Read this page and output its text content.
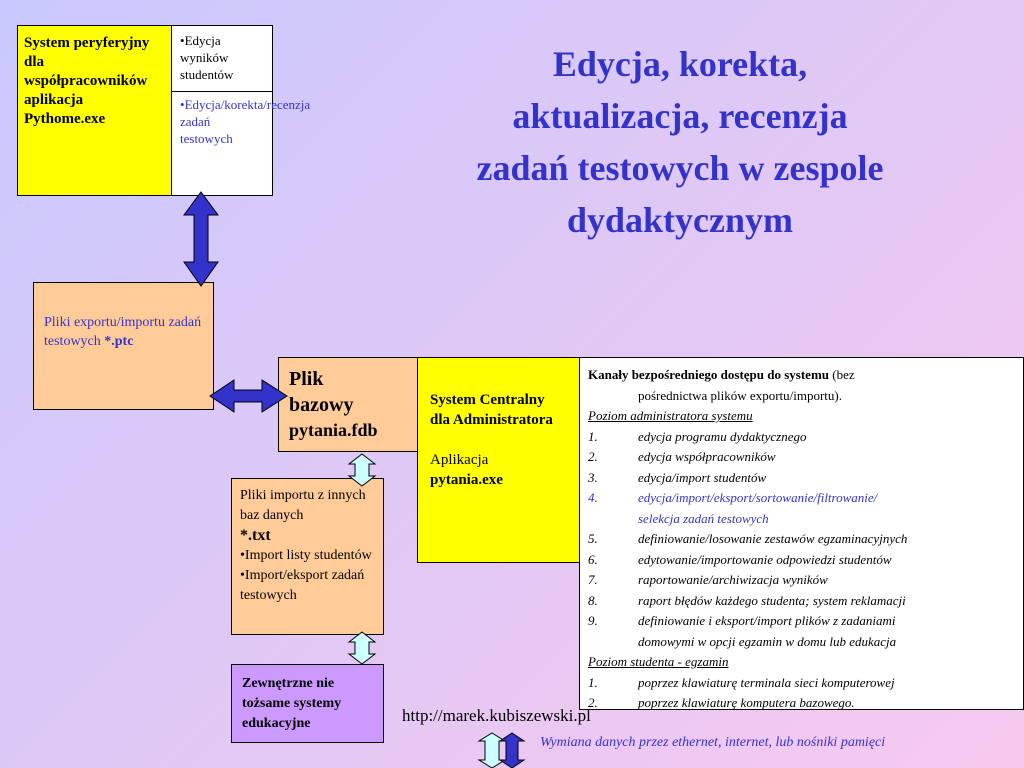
Edycja, korekta,
aktualizacja, recenzja
zadań testowych w zespole
dydaktycznym
System peryferyjny dla współpracowników aplikacja Pythome.exe
•Edycja wyników studentów
•Edycja/korekta/recenzja zadań testowych
Pliki exportu/importu zadań testowych *.ptc
Plik
bazowy
pytania.fdb
System Centralny dla Administratora
Aplikacja
pytania.exe
Kanały bezpośredniego dostępu do systemu (bez
pośrednictwa plików exportu/importu).
Poziom administratora systemu
1.	edycja programu dydaktycznego
2.	edycja współpracowników
3.	edycja/import studentów
4.	edycja/import/eksport/sortowanie/filtrowanie/
selekcja zadań testowych
5.	definiowanie/losowanie zestawów egzaminacyjnych
6.	edytowanie/importowanie odpowiedzi studentów
7.	raportowanie/archiwizacja wyników
8.	raport błędów każdego studenta; system reklamacji
9.	definiowanie i eksport/import plików z zadaniami
domowymi w opcji egzamin w domu lub edukacja
Poziom studenta - egzamin
1.	poprzez klawiaturę terminala sieci komputerowej
2.	poprzez klawiaturę komputera bazowego.
Pliki importu z innych baz danych
*.txt
•Import listy studentów
•Import/eksport zadań testowych
Zewnętrzne nie tożsame systemy edukacyjne	http://marek.kubiszewski.pl
Wymiana danych przez ethernet, internet, lub nośniki pamięci
